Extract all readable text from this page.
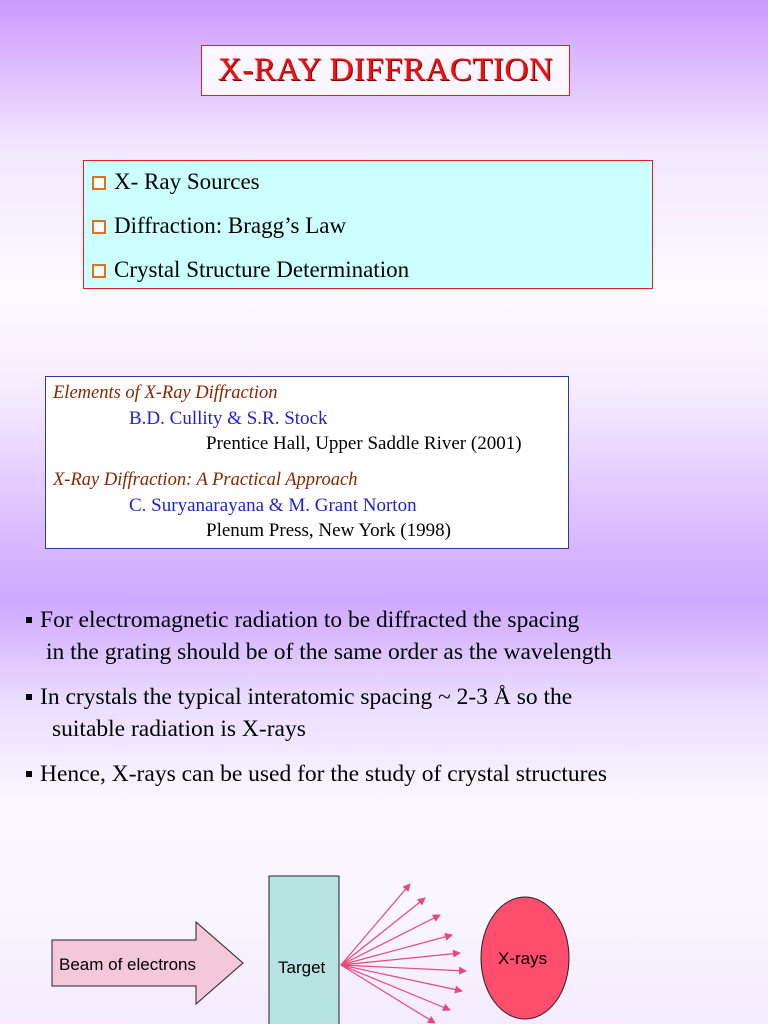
X-RAY DIFFRACTION
X- Ray Sources
Diffraction: Bragg’s Law
Crystal Structure Determination
Elements of X-Ray Diffraction
B.D. Cullity & S.R. Stock
Prentice Hall, Upper Saddle River (2001)
X-Ray Diffraction: A Practical Approach
C. Suryanarayana & M. Grant Norton
Plenum Press, New York (1998)
For electromagnetic radiation to be diffracted the spacing
in the grating should be of the same order as the wavelength
In crystals the typical interatomic spacing ~ 2-3 Å so the
suitable radiation is X-rays
Hence, X-rays can be used for the study of crystal structures
Beam of electrons	Target	X-rays
